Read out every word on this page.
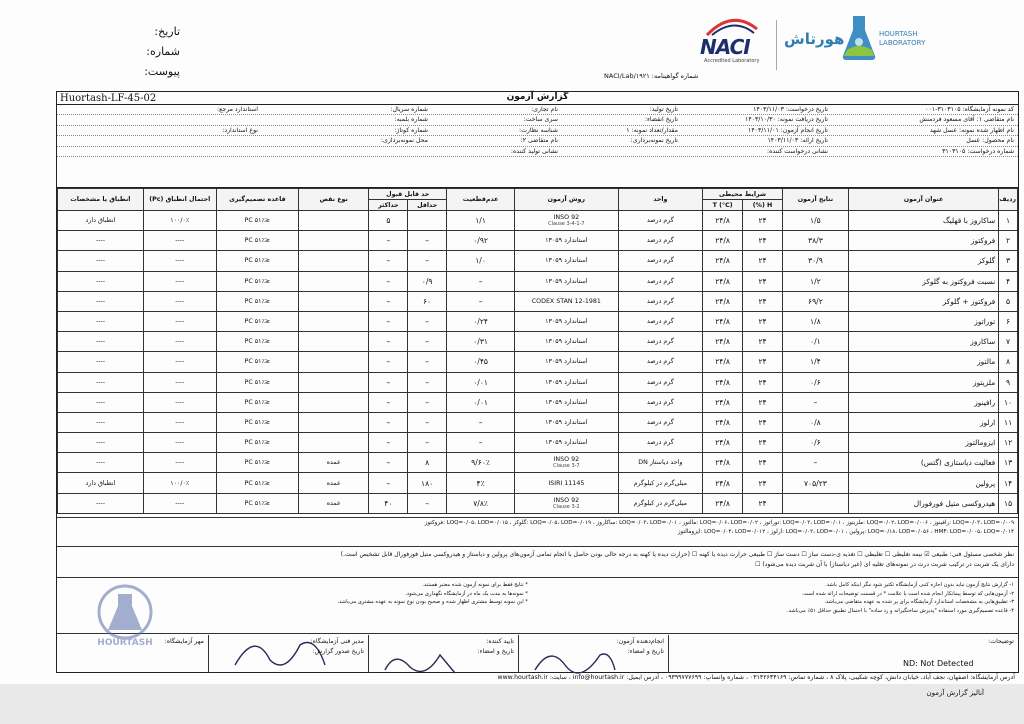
تاریخ:
شماره:
پیوست:
NACI
Accredited Laboratory
هورتاش	HOURTASH
LABORATORY
شماره گواهینامه: NACI/Lab/۱۹۲۱
Huortash-LF-45-02	گزارش آزمون
کد نمونه آزمایشگاه: ۳۱۰۳۱۰۵-۰۰۱
تاریخ درخواست: ۱۴۰۳/۱۱/۰۳
تاریخ تولید:
نام تجاری:
شماره سریال:
استاندارد مرجع:
نام متقاضی ۱: آقای مسعود فردمنش
تاریخ دریافت نمونه: ۱۴۰۳/۱۰/۳۰
تاریخ انقضاء:
سری ساخت:
شماره بلمبه:
نام اظهار شده نمونه: عسل شهد
تاریخ انجام آزمون: ۱۴۰۳/۱۱/۰۱
مقدار/تعداد نمونه: ۱
شناسه نظارت:
شماره کوتاژ:
نوع استاندارد:
نام محصول: عسل
تاریخ ارائه: ۱۴۰۳/۱۱/۰۳
تاریخ نمونه‌برداری:
نام متقاضی ۲:
محل نمونه‌برداری:
شماره درخواست: ۳۱۰۳۱۰۵
نشانی درخواست کننده:
نشانی تولید کننده:
ردیف	عنوان آزمون	نتایج آزمون	شرایط محیطی		واحد	روش آزمون	عدم‌قطعیت	حد قابل قبول		نوع نقص	قاعده تصمیم‌گیری	احتمال انطباق (Pc)	انطباق یا مشخصات
			H (%)	T (°C)				حداقل	حداکثر				
۱	ساکاروز با قهلیگ	۱/۵	۲۴	۲۴/۸	گرم درصد	INSO 92
Clause 3-4-1-7	۱/۱		۵		≤PC ۵۱٪	۱۰۰/۰٪	انطباق دارد
۲	فروکتوز	۳۸/۳	۲۴	۲۴/۸	گرم درصد	استاندارد ۱۳۰۵۹	۰/۹۲	–	–		≤PC ۵۱٪	----	----
۳	گلوکز	۳۰/۹	۲۴	۲۴/۸	گرم درصد	استاندارد ۱۳۰۵۹	۱/۰	–	–		≤PC ۵۱٪	----	----
۴	نسبت فروکتوز به گلوکز	۱/۲	۲۴	۲۴/۸	گرم درصد	استاندارد ۱۳۰۵۹	–	۰/۹	–		≤PC ۵۱٪	----	----
۵	فروکتوز + گلوکز	۶۹/۲	۲۴	۲۴/۸	گرم درصد	CODEX STAN 12-1981	–	۶۰	–		≤PC ۵۱٪	----	----
۶	توراتوز	۱/۸	۲۴	۲۴/۸	گرم درصد	استاندارد ۱۳۰۵۹	۰/۲۴	–	–		≤PC ۵۱٪	----	----
۷	ساکاروز	۰/۱	۲۴	۲۴/۸	گرم درصد	استاندارد ۱۳۰۵۹	۰/۳۱	–	–		≤PC ۵۱٪	----	----
۸	مالتوز	۱/۴	۲۴	۲۴/۸	گرم درصد	استاندارد ۱۳۰۵۹	۰/۴۵	–	–		≤PC ۵۱٪	----	----
۹	ملزیتوز	۰/۶	۲۴	۲۴/۸	گرم درصد	استاندارد ۱۳۰۵۹	۰/۰۱	–	–		≤PC ۵۱٪	----	----
۱۰	رافینوز	–	۲۴	۲۴/۸	گرم درصد	استاندارد ۱۳۰۵۹	۰/۰۱	–	–		≤PC ۵۱٪	----	----
۱۱	ارلوز	۰/۸	۲۴	۲۴/۸	گرم درصد	استاندارد ۱۳۰۵۹	–	–	–		≤PC ۵۱٪	----	----
۱۲	ایزومالتوز	۰/۶	۲۴	۲۴/۸	گرم درصد	استاندارد ۱۳۰۵۹	–	–	–		≤PC ۵۱٪	----	----
۱۳	فعالیت دیاستازی (گتس)	–	۲۴	۲۴/۸	واحد دیاستاز DN	INSO 92
Clause 3-7	۹/۶۰٪	۸	–	عمده	≤PC ۵۱٪	----	----
۱۴	پرولین	۷۰۵/۲۳	۲۴	۲۴/۸	میلی‌گرم در کیلوگرم	ISIRI 11145	۴٪	۱۸۰	–	عمده	≤PC ۵۱٪	۱۰۰/۰٪	انطباق دارد
۱۵	هیدروکسی متیل فورفورال		۲۴	۲۴/۸	میلی‌گرم در کیلوگرم	INSO 92
Clause 3-2	۷/۸٪	–	۴۰	عمده	≤PC ۵۱٪	----	----
فروکتوز: LOQ=۰/۰۵، LOD=۰/۰۱۵ ، گلوکز: LOQ=۰/۰۵، LOD=۰/۰۱۹ ، ساکاروز: LOQ=۰/۰۳، LOD=۰/۰۱ ، مالتوز: LOQ=۰/۰۶، LOD=۰/۰۲ ، توراتوز: LOQ=۰/۰۳، LOD=۰/۰۱ ، ملزیتوز: LOQ=۰/۰۲، LOD=۰/۰۰۶ ، رافینوز: LOQ=۰/۰۳، LOD=۰/۰۰۹
ایزومالتوز: LOQ=۰/۰۴، LOD=۰/۰۱۲ ، ارلوز: LOQ=۰/۰۳، LOD=۰/۰۱ ، پرولین: LOQ=۰/۱۸، LOD=۰/۰۵۶ ، HMF: LOD=۰/۰۰۵، LOQ=۰/۰۱۴
نظر شخصی مسئول فنی: طبیعی ☑ نیمه تغلیظی ☐ تغلیظی ☐ تغذیه ی-دست ساز ☐ دست ساز ☐ طبیعی حرارت دیده یا کهنه ☐ (حرارت دیده یا کهنه به درجه حالی بودن حاصل با انجام تمامی آزمون‌های پرولین و دیاستاز و هیدروکسی متیل فورفورال قابل تشخیص است.)
دارای یک شربت در ترکیب شربت درت در نمونه‌های تغلیه ای (غیر دیاستاز) با آن شربت دیده می‌شود) ☐
۱- گزارش نتایج آزمون نباید بدون اجازه کتبی آزمایشگاه تکثیر شود مگر اینکه کامل باشد.
۲- آزمون‌هایی که توسط پیمانکار انجام شده است با علامت * در قسمت توضیحات ارائه شده است.
۳- تطبیق‌هایی به مشخصات استاندارد آزمایشگاه برای پر شده به عهده متقاضی می‌باشد.
۴- قاعده تصمیم‌گیری مورد استفاده "پذیرش ساختگیرانه و رد ساده" با احتمال تطبیق حداقل ۵۱٪ می‌باشد.
* نتایج فقط برای نمونه آزمون شده معتبر هستند.
* نمونه‌ها به مدت یک ماه در آزمایشگاه نگهداری می‌شود.
* این نمونه توسط مشتری اظهار شده و صحیح بودن نوع نمونه به عهده مشتری می‌باشد.
توضیحات:
انجام‌دهنده آزمون:
تاریخ و امضاء:
تایید کننده:
تاریخ و امضاء:
مدیر فنی آزمایشگاه:
تاریخ صدور گزارش:
مهر آزمایشگاه:
ND: Not Detected
HOURTASH
آدرس آزمایشگاه: اصفهان، نجف آباد، خیابان دانش، کوچه شکیبی، پلاک ۸ ، شماره تماس: ۰۳۱۴۲۶۳۴۱۶۹ ، شماره واتساپ: ۰۹۳۹۹۷۷۷۶۹۹ ، آدرس ایمیل: info@hourtash.ir ، سایت: www.hourtash.ir
آنالیز گزارش آزمون
